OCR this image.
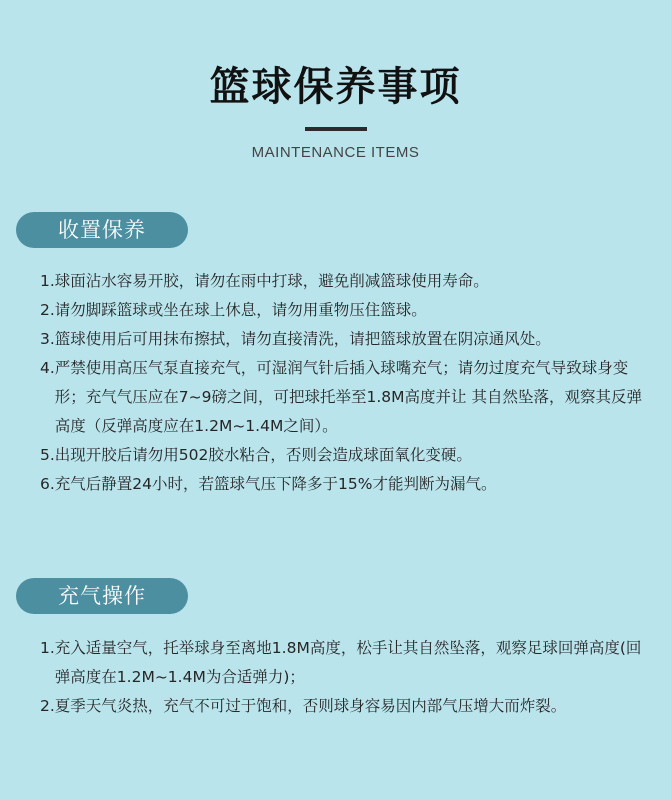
篮球保养事项
MAINTENANCE ITEMS
收置保养
1. 球面沾水容易开胶，请勿在雨中打球，避免削减篮球使用寿命。
2. 请勿脚踩篮球或坐在球上休息，请勿用重物压住篮球。
3. 篮球使用后可用抹布擦拭，请勿直接清洗，请把篮球放置在阴凉通风处。
4. 严禁使用高压气泵直接充气，可湿润气针后插入球嘴充气；请勿过度充气导致球身变形；充气气压应在7~9磅之间，可把球托举至1.8M高度并让 其自然坠落，观察其反弹高度（反弹高度应在1.2M~1.4M之间）。
5. 出现开胶后请勿用502胶水粘合，否则会造成球面氧化变硬。
6. 充气后静置24小时，若篮球气压下降多于15%才能判断为漏气。
充气操作
1. 充入适量空气，托举球身至离地1.8M高度，松手让其自然坠落，观察足球回弹高度(回弹高度在1.2M~1.4M为合适弹力)；
2. 夏季天气炎热，充气不可过于饱和，否则球身容易因内部气压增大而炸裂。
